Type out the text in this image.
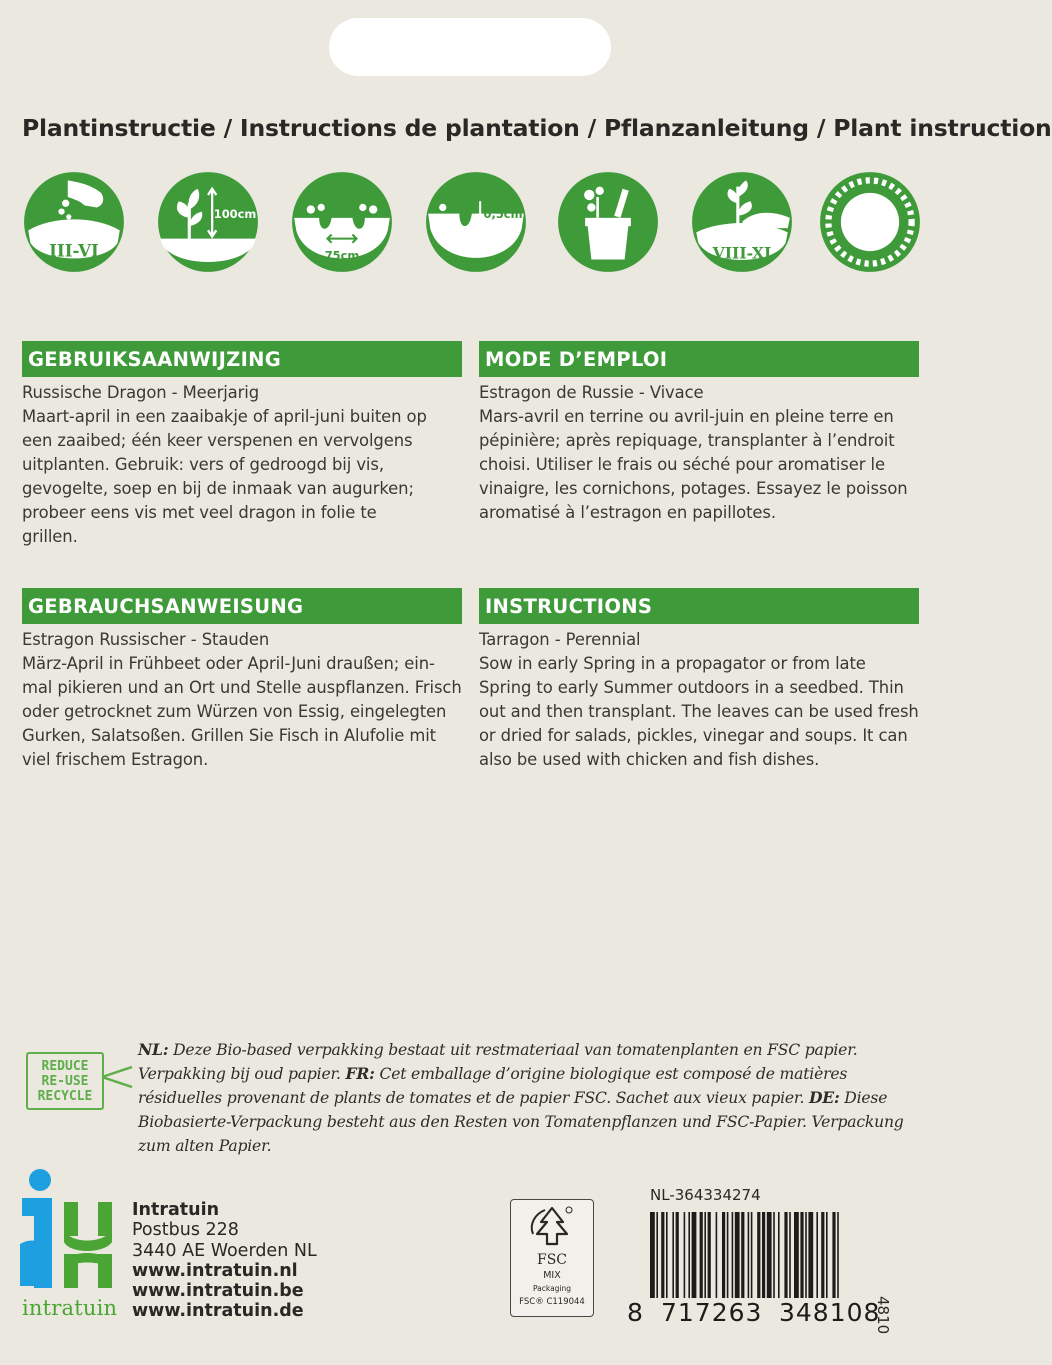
Plantinstructie / Instructions de plantation / Pflanzanleitung / Plant instruction
III-VI
100cm
75cm
0,5cm
VIII-XI
GEBRUIKSAANWIJZING

Russische Dragon - Meerjarig

Maart-april in een zaaibakje of april-juni buiten op

een zaaibed; één keer verspenen en vervolgens

uitplanten. Gebruik: vers of gedroogd bij vis,

gevogelte, soep en bij de inmaak van augurken;

probeer eens vis met veel dragon in folie te

grillen.

MODE D’EMPLOI

Estragon de Russie - Vivace

Mars-avril en terrine ou avril-juin en pleine terre en

pépinière; après repiquage, transplanter à l’endroit

choisi. Utiliser le frais ou séché pour aromatiser le

vinaigre, les cornichons, potages. Essayez le poisson

aromatisé à l’estragon en papillotes.

GEBRAUCHSANWEISUNG

Estragon Russischer - Stauden

März-April in Frühbeet oder April-Juni draußen; ein-

mal pikieren und an Ort und Stelle auspflanzen. Frisch

oder getrocknet zum Würzen von Essig, eingelegten

Gurken, Salatsoßen. Grillen Sie Fisch in Alufolie mit

viel frischem Estragon.

INSTRUCTIONS

Tarragon - Perennial

Sow in early Spring in a propagator or from late

Spring to early Summer outdoors in a seedbed. Thin

out and then transplant. The leaves can be used fresh

or dried for salads, pickles, vinegar and soups. It can

also be used with chicken and fish dishes.

REDUCE
RE-USE
RECYCLE
NL: Deze Bio-based verpakking bestaat uit restmateriaal van tomatenplanten en FSC papier. Verpakking bij oud papier. FR: Cet emballage d’origine biologique est composé de matières résiduelles provenant de plants de tomates et de papier FSC. Sachet aux vieux papier. DE: Diese Biobasierte-Verpackung besteht aus den Resten von Tomatenpflanzen und FSC-Papier. Verpackung zum alten Papier.
intratuin
Intratuin
Postbus 228
3440 AE Woerden NL
www.intratuin.nl
www.intratuin.be
www.intratuin.de
FSC
MIX
Packaging
FSC® C119044
NL-364334274
8 717263 348108
4810
